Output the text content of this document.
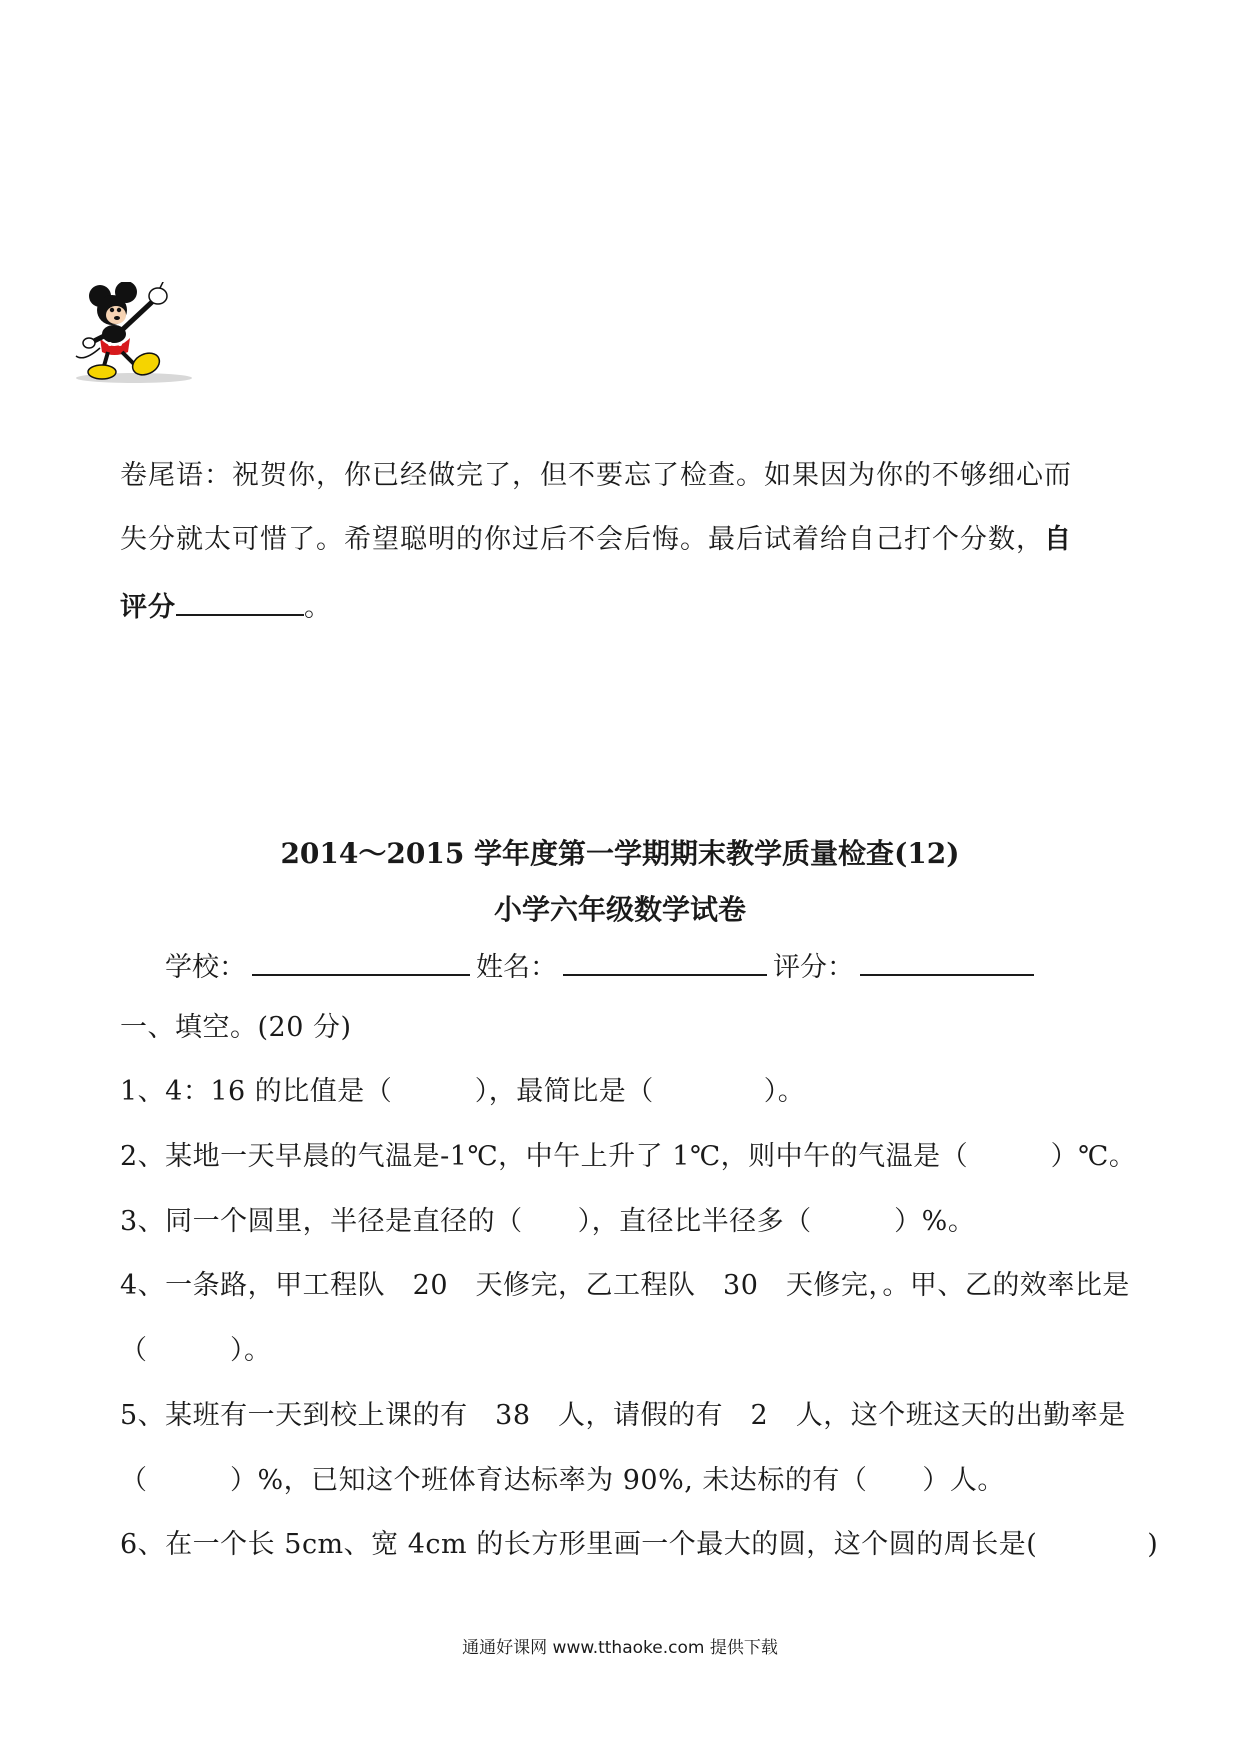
卷尾语：祝贺你，你已经做完了，但不要忘了检查。如果因为你的不够细心而
失分就太可惜了。希望聪明的你过后不会后悔。最后试着给自己打个分数，自
评分	。
2014～2015 学年度第一学期期末教学质量检查(12)
小学六年级数学试卷
学校：	姓名：	评分：
一、填空。(20 分)
1、4：16 的比值是（　　　），最简比是（　　　　）。
2、某地一天早晨的气温是-1℃，中午上升了 1℃，则中午的气温是（　　　）℃。
3、同一个圆里，半径是直径的（　　），直径比半径多（　　　）%。
4、一条路，甲工程队　20　天修完，乙工程队　30　天修完，。甲、乙的效率比是
（　　　）。
5、某班有一天到校上课的有　38　人，请假的有　2　人，这个班这天的出勤率是
（　　　）%，已知这个班体育达标率为 90%, 未达标的有（　　）人。
6、在一个长 5cm、宽 4cm 的长方形里画一个最大的圆，这个圆的周长是(　　　　)
通通好课网 www.tthaoke.com 提供下载
